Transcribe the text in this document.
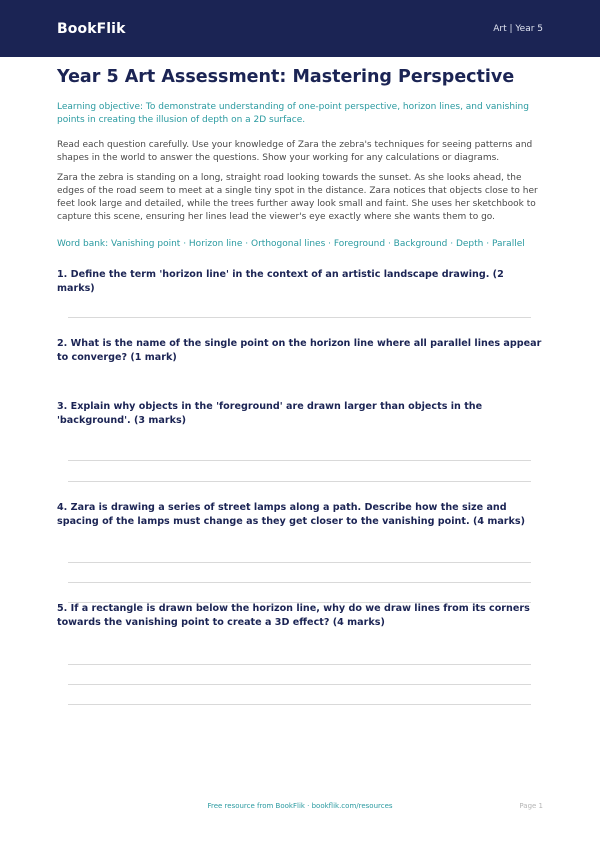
BookFlik	Art | Year 5
Year 5 Art Assessment: Mastering Perspective
Learning objective: To demonstrate understanding of one-point perspective, horizon lines, and vanishing points in creating the illusion of depth on a 2D surface.
Read each question carefully. Use your knowledge of Zara the zebra's techniques for seeing patterns and shapes in the world to answer the questions. Show your working for any calculations or diagrams.
Zara the zebra is standing on a long, straight road looking towards the sunset. As she looks ahead, the edges of the road seem to meet at a single tiny spot in the distance. Zara notices that objects close to her feet look large and detailed, while the trees further away look small and faint. She uses her sketchbook to capture this scene, ensuring her lines lead the viewer's eye exactly where she wants them to go.
Word bank: Vanishing point · Horizon line · Orthogonal lines · Foreground · Background · Depth · Parallel
1. Define the term 'horizon line' in the context of an artistic landscape drawing. (2 marks)
2. What is the name of the single point on the horizon line where all parallel lines appear to converge? (1 mark)
3. Explain why objects in the 'foreground' are drawn larger than objects in the 'background'. (3 marks)
4. Zara is drawing a series of street lamps along a path. Describe how the size and spacing of the lamps must change as they get closer to the vanishing point. (4 marks)
5. If a rectangle is drawn below the horizon line, why do we draw lines from its corners towards the vanishing point to create a 3D effect? (4 marks)
Free resource from BookFlik · bookflik.com/resources	Page 1
